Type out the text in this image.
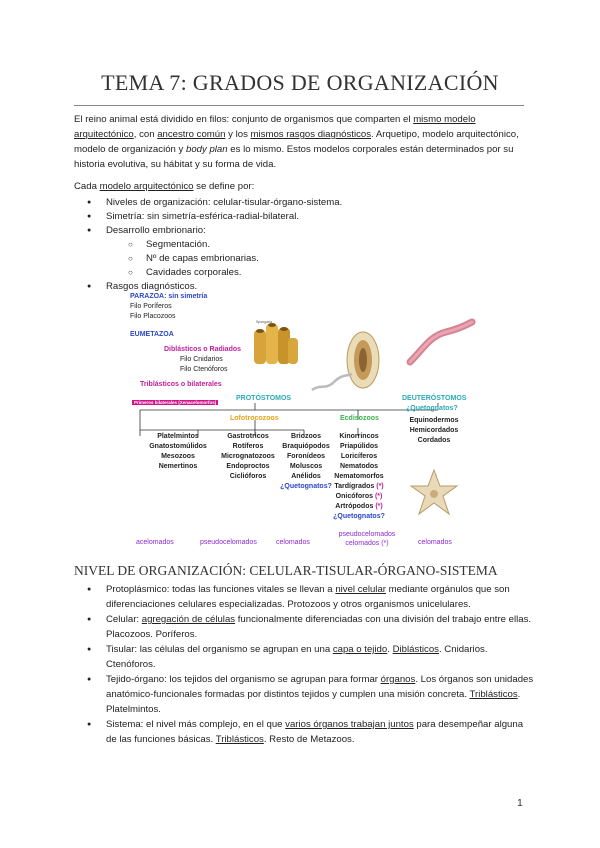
TEMA 7: GRADOS DE ORGANIZACIÓN

El reino animal está dividido en filos: conjunto de organismos que comparten el mismo modelo arquitectónico, con ancestro común y los mismos rasgos diagnósticos. Arquetipo, modelo arquitectónico, modelo de organización y body plan es lo mismo. Estos modelos corporales están determinados por su historia evolutiva, su hábitat y su forma de vida.

Cada modelo arquitectónico se define por:
● Niveles de organización: celular-tisular-órgano-sistema.
● Simetría: sin simetría-esférica-radial-bilateral.
● Desarrollo embrionario:
○ Segmentación.
○ Nº de capas embrionarias.
○ Cavidades corporales.
● Rasgos diagnósticos.
PARAZOA: sin simetría
Filo Poríferos
Filo Placozoos
EUMETAZOA
Diblásticos o Radiados
Filo Cnidarios
Filo Ctenóforos
Triblásticos o bilaterales
Spongaria
Primeros bilaterales (Xenacelomorfos)
PROTÓSTOMOS	DEUTERÓSTOMOS
¿Quetognatos?
Lofotrocozoos	Ecdisozoos
Platelmintos
Gnatostomúlidos
Mesozoos
Nemertinos
Gastrotricos
Rotíferos
Micrognatozoos
Endoproctos
Ciclióforos
Briozoos
Braquiópodos
Foronídeos
Moluscos
Anélidos
¿Quetognatos?
Kinorrincos
Priapúlidos
Loricíferos
Nematodos
Nematomorfos
Tardígrados (*)
Onicóforos (*)
Artrópodos (*)
¿Quetognatos?
Equinodermos
Hemicordados
Cordados
acelomados	pseudocelomados	celomados
pseudocelomados
celomados (*)	celomados
NIVEL DE ORGANIZACIÓN: CELULAR-TISULAR-ÓRGANO-SISTEMA
● Protoplásmico: todas las funciones vitales se llevan a nivel celular mediante orgánulos que son diferenciaciones celulares especializadas. Protozoos y otros organismos unicelulares.
● Celular: agregación de células funcionalmente diferenciadas con una división del trabajo entre ellas. Placozoos. Poríferos.
● Tisular: las células del organismo se agrupan en una capa o tejido. Diblásticos. Cnidarios. Ctenóforos.
● Tejido-órgano: los tejidos del organismo se agrupan para formar órganos. Los órganos son unidades anatómico-funcionales formadas por distintos tejidos y cumplen una misión concreta. Triblásticos. Platelmintos.
● Sistema: el nivel más complejo, en el que varios órganos trabajan juntos para desempeñar alguna de las funciones básicas. Triblásticos. Resto de Metazoos.
1
